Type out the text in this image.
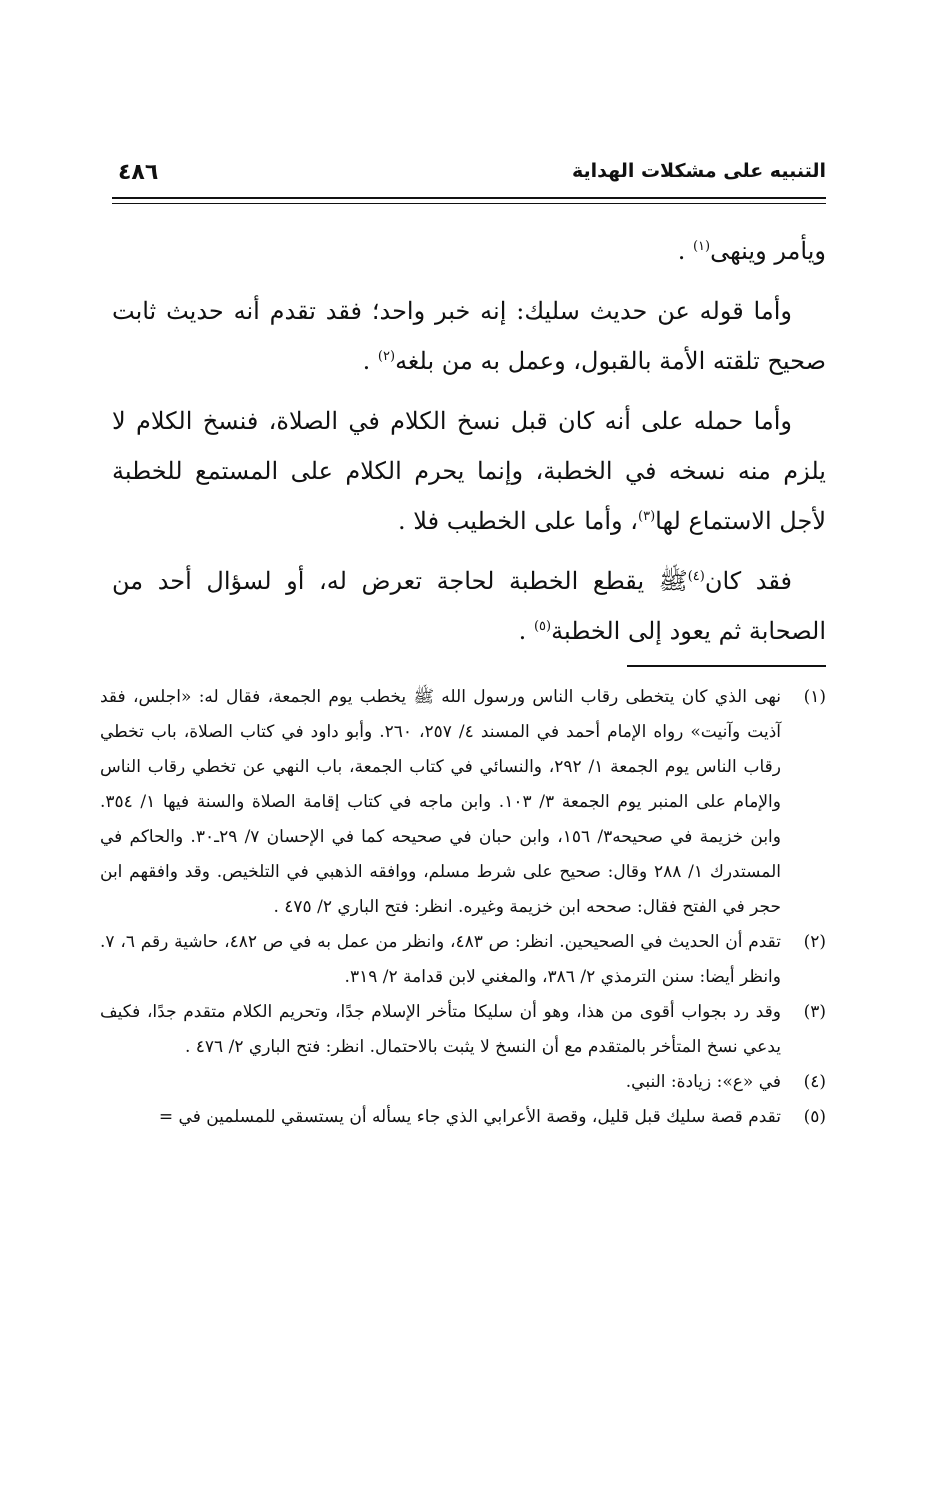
التنبيه على مشكلات الهداية
٤٨٦

ويأمر وينهى$^{(١)}$ .

وأما قوله عن حديث سليك: إنه خبر واحد؛ فقد تقدم أنه حديث ثابت صحيح تلقته الأمة بالقبول، وعمل به من بلغه$^{(٢)}$ .

وأما حمله على أنه كان قبل نسخ الكلام في الصلاة، فنسخ الكلام لا يلزم منه نسخه في الخطبة، وإنما يحرم الكلام على المستمع للخطبة لأجل الاستماع لها$^{(٣)}$، وأما على الخطيب فلا .

فقد كان$^{(٤)}$ﷺ يقطع الخطبة لحاجة تعرض له، أو لسؤال أحد من الصحابة ثم يعود إلى الخطبة$^{(٥)}$ .

(١)
نهى الذي كان يتخطى رقاب الناس ورسول الله ﷺ يخطب يوم الجمعة، فقال له: «اجلس، فقد آذيت وآنيت» رواه الإمام أحمد في المسند ٤/ ٢٥٧، ٢٦٠. وأبو داود في كتاب الصلاة، باب تخطي رقاب الناس يوم الجمعة ١/ ٢٩٢، والنسائي في كتاب الجمعة، باب النهي عن تخطي رقاب الناس والإمام على المنبر يوم الجمعة ٣/ ١٠٣. وابن ماجه في كتاب إقامة الصلاة والسنة فيها ١/ ٣٥٤. وابن خزيمة في صحيحه٣/ ١٥٦، وابن حبان في صحيحه كما في الإحسان ٧/ ٢٩ـ٣٠. والحاكم في المستدرك ١/ ٢٨٨ وقال: صحيح على شرط مسلم، ووافقه الذهبي في التلخيص. وقد وافقهم ابن حجر في الفتح فقال: صححه ابن خزيمة وغيره. انظر: فتح الباري ٢/ ٤٧٥ .

(٢)
تقدم أن الحديث في الصحيحين. انظر: ص ٤٨٣، وانظر من عمل به في ص ٤٨٢، حاشية رقم ٦، ٧. وانظر أيضا: سنن الترمذي ٢/ ٣٨٦، والمغني لابن قدامة ٢/ ٣١٩.

(٣)
وقد رد بجواب أقوى من هذا، وهو أن سليكا متأخر الإسلام جدًا، وتحريم الكلام متقدم جدًا، فكيف يدعي نسخ المتأخر بالمتقدم مع أن النسخ لا يثبت بالاحتمال. انظر: فتح الباري ٢/ ٤٧٦ .

(٤)
في «ع»: زيادة: النبي.

(٥)
تقدم قصة سليك قبل قليل، وقصة الأعرابي الذي جاء يسأله أن يستسقي للمسلمين في =
